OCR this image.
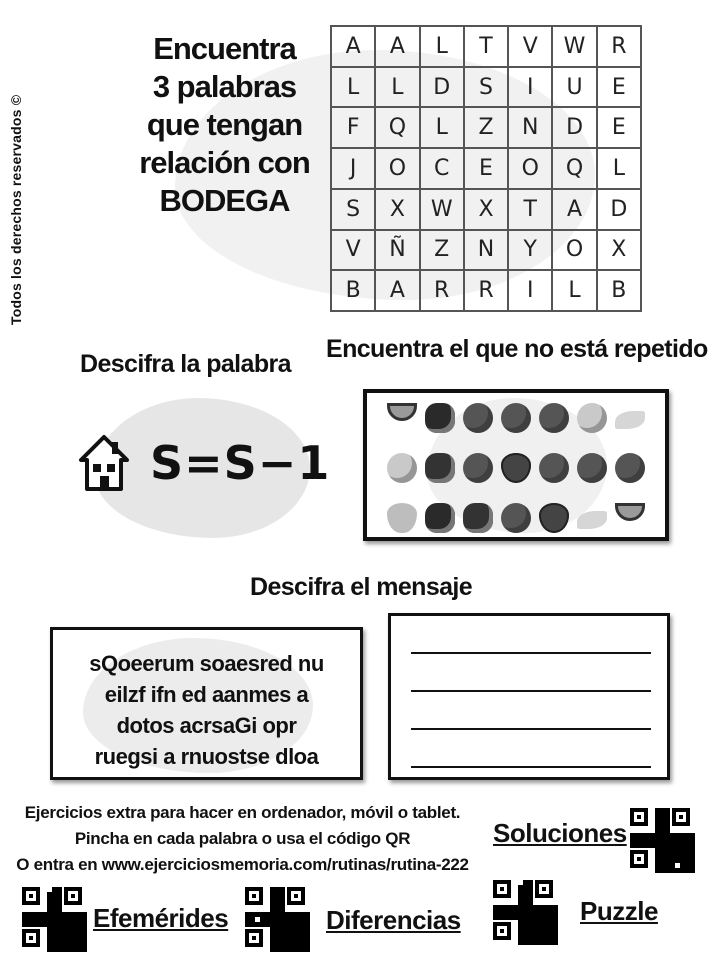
Todos los derechos reservados ©
Encuentra
3 palabras
que tengan
relación con
BODEGA
A	A	L	T	V	W	R
L	L	D	S	I	U	E
F	Q	L	Z	N	D	E
J	O	C	E	O	Q	L
S	X	W	X	T	A	D
V	Ñ	Z	N	Y	O	X
B	A	R	R	I	L	B
Descifra la palabra
S=S−1
Encuentra el que no está repetido
Descifra el mensaje
sQoeerum soaesred nu
eilzf ifn ed aanmes a
dotos acrsaGi opr
ruegsi a rnuostse dloa
Ejercicios extra para hacer en ordenador, móvil o tablet.
Pincha en cada palabra o usa el código QR
O entra en www.ejerciciosmemoria.com/rutinas/rutina-222
Soluciones
Efemérides	Diferencias	Puzzle
